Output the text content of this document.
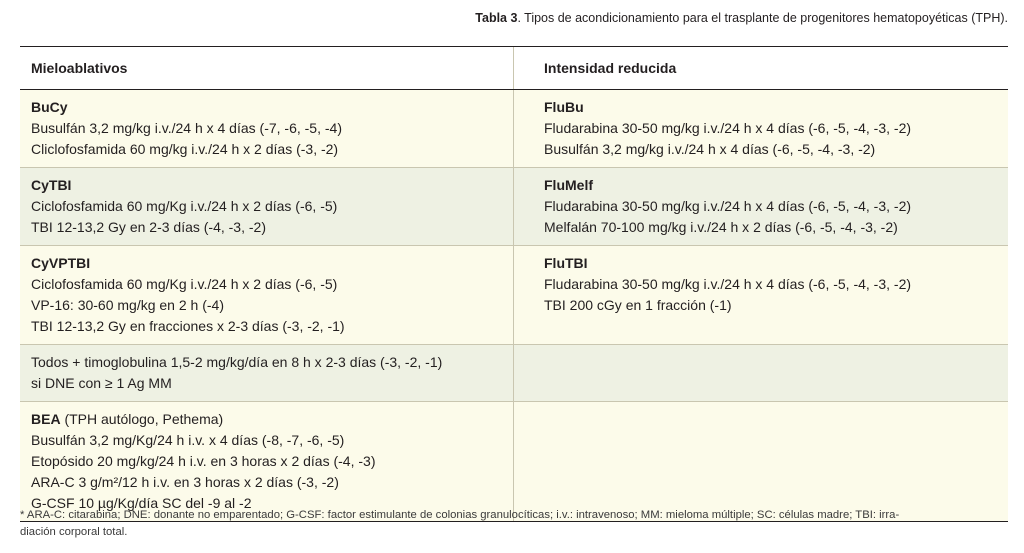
Tabla 3. Tipos de acondicionamiento para el trasplante de progenitores hematopoyéticas (TPH).
Mieloablativos	Intensidad reducida
BuCy
Busulfán 3,2 mg/kg i.v./24 h x 4 días (-7, -6, -5, -4)
Cliclofosfamida 60 mg/kg i.v./24 h x 2 días (-3, -2)
FluBu
Fludarabina 30-50 mg/kg i.v./24 h x 4 días (-6, -5, -4, -3, -2)
Busulfán 3,2 mg/kg i.v./24 h x 4 días (-6, -5, -4, -3, -2)
CyTBI
Ciclofosfamida 60 mg/Kg i.v./24 h x 2 días (-6, -5)
TBI 12-13,2 Gy en 2-3 días (-4, -3, -2)
FluMelf
Fludarabina 30-50 mg/kg i.v./24 h x 4 días (-6, -5, -4, -3, -2)
Melfalán 70-100 mg/kg i.v./24 h x 2 días (-6, -5, -4, -3, -2)
CyVPTBI
Ciclofosfamida 60 mg/Kg i.v./24 h x 2 días (-6, -5)
VP-16: 30-60 mg/kg en 2 h (-4)
TBI 12-13,2 Gy en fracciones x 2-3 días (-3, -2, -1)
FluTBI
Fludarabina 30-50 mg/kg i.v./24 h x 4 días (-6, -5, -4, -3, -2)
TBI 200 cGy en 1 fracción (-1)
Todos + timoglobulina 1,5-2 mg/kg/día en 8 h x 2-3 días (-3, -2, -1)
si DNE con ≥ 1 Ag MM
BEA (TPH autólogo, Pethema)
Busulfán 3,2 mg/Kg/24 h i.v. x 4 días (-8, -7, -6, -5)
Etopósido 20 mg/kg/24 h i.v. en 3 horas x 2 días (-4, -3)
ARA-C 3 g/m²/12 h i.v. en 3 horas x 2 días (-3, -2)
G-CSF 10 µg/Kg/día SC del -9 al -2
* ARA-C: citarabina; DNE: donante no emparentado; G-CSF: factor estimulante de colonias granulocíticas; i.v.: intravenoso; MM: mieloma múltiple; SC: células madre; TBI: irra-
diación corporal total.
